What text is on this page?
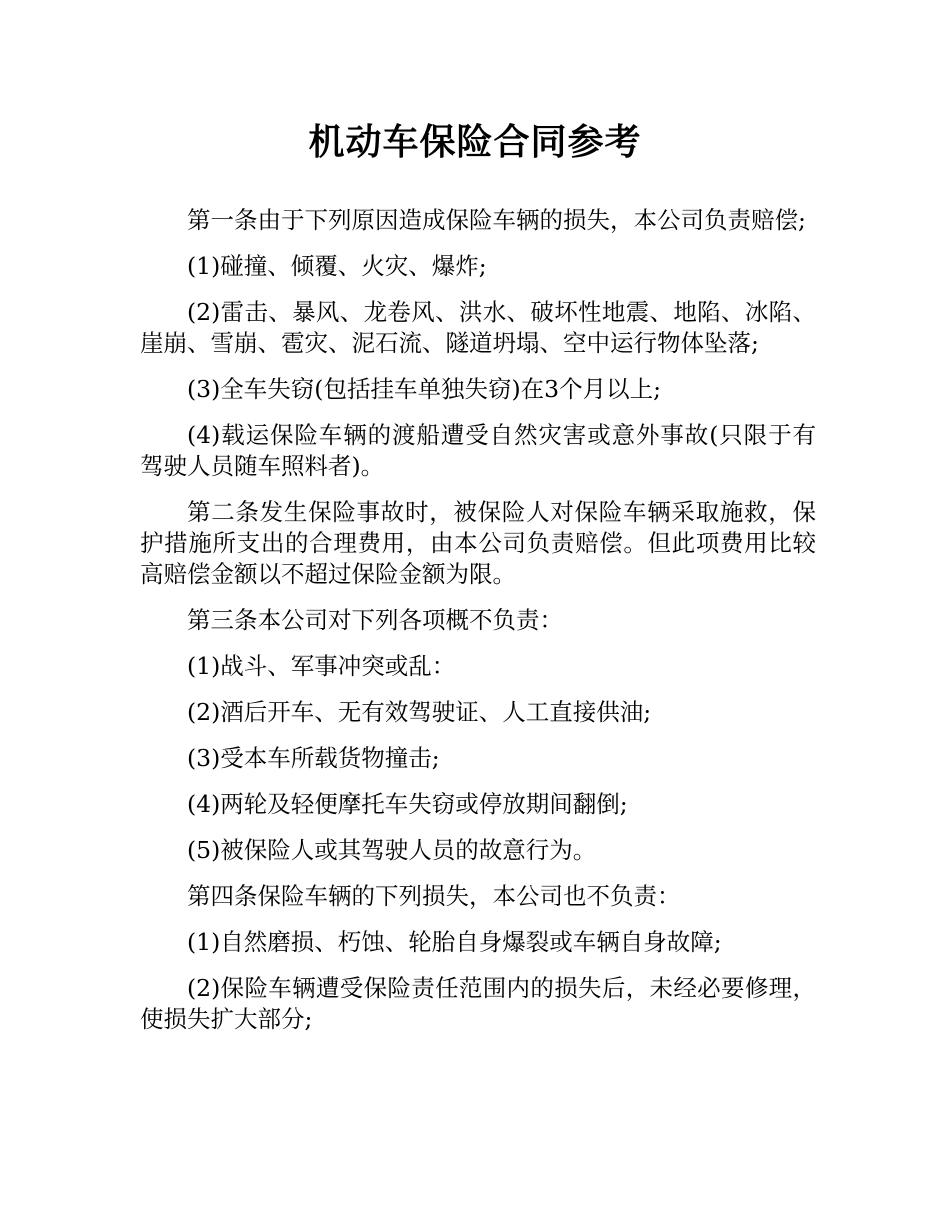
机动车保险合同参考

第一条由于下列原因造成保险车辆的损失，本公司负责赔偿;

(1)碰撞、倾覆、火灾、爆炸;

(2)雷击、暴风、龙卷风、洪水、破坏性地震、地陷、冰陷、崖崩、雪崩、雹灾、泥石流、隧道坍塌、空中运行物体坠落;

(3)全车失窃(包括挂车单独失窃)在3个月以上;

(4)载运保险车辆的渡船遭受自然灾害或意外事故(只限于有驾驶人员随车照料者)。

第二条发生保险事故时，被保险人对保险车辆采取施救，保护措施所支出的合理费用，由本公司负责赔偿。但此项费用比较高赔偿金额以不超过保险金额为限。

第三条本公司对下列各项概不负责：

(1)战斗、军事冲突或乱：

(2)酒后开车、无有效驾驶证、人工直接供油;

(3)受本车所载货物撞击;

(4)两轮及轻便摩托车失窃或停放期间翻倒;

(5)被保险人或其驾驶人员的故意行为。

第四条保险车辆的下列损失，本公司也不负责：

(1)自然磨损、朽蚀、轮胎自身爆裂或车辆自身故障;

(2)保险车辆遭受保险责任范围内的损失后，未经必要修理，使损失扩大部分;
